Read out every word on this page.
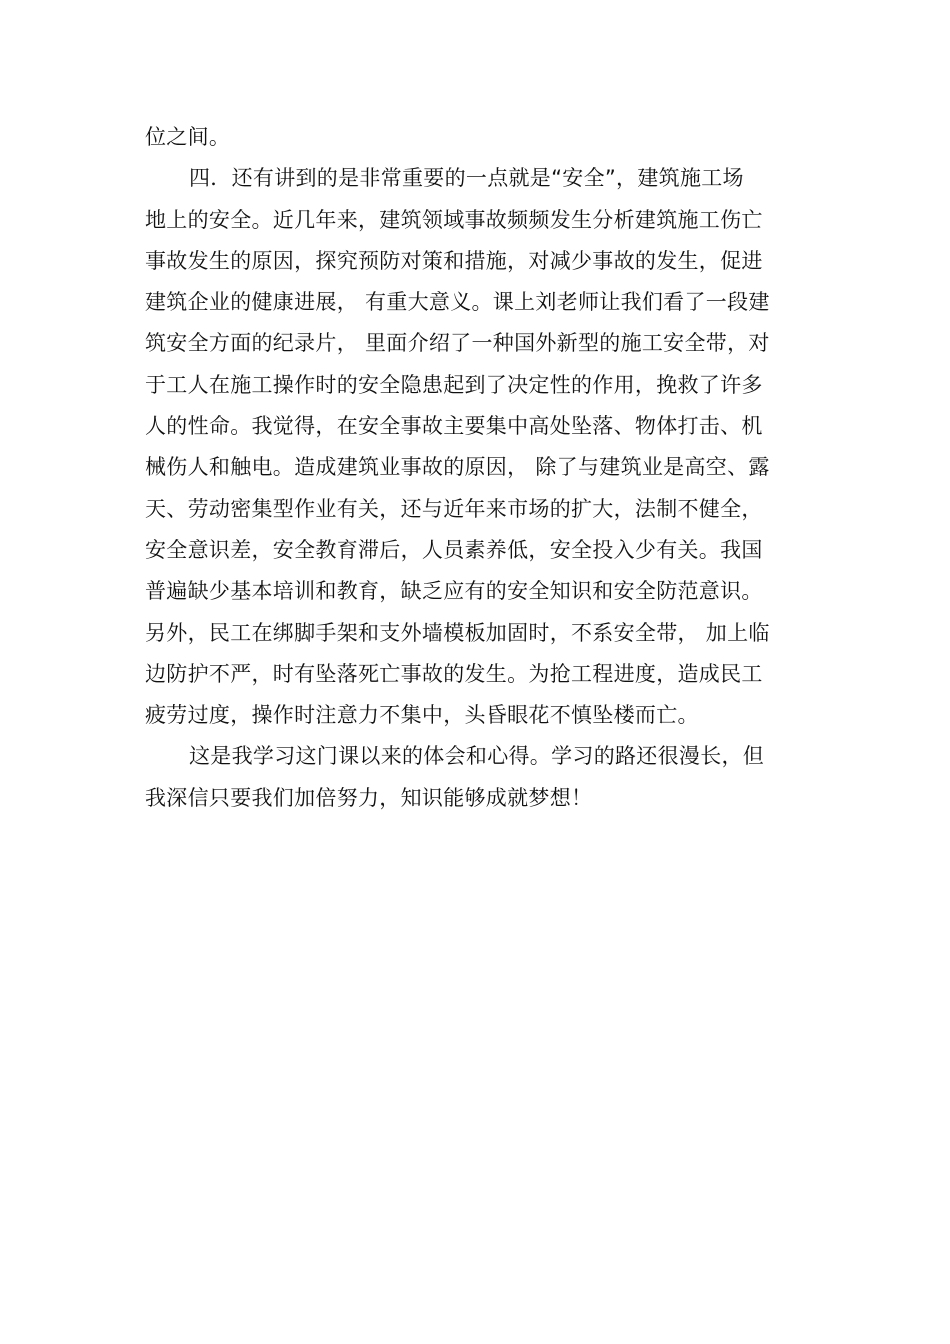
位之间。
四．还有讲到的是非常重要的一点就是“安全”，建筑施工场
地上的安全。近几年来，建筑领域事故频频发生分析建筑施工伤亡
事故发生的原因，探究预防对策和措施，对减少事故的发生，促进
建筑企业的健康进展， 有重大意义。课上刘老师让我们看了一段建
筑安全方面的纪录片， 里面介绍了一种国外新型的施工安全带，对
于工人在施工操作时的安全隐患起到了决定性的作用，挽救了许多
人的性命。我觉得，在安全事故主要集中高处坠落、物体打击、机
械伤人和触电。造成建筑业事故的原因， 除了与建筑业是高空、露
天、劳动密集型作业有关，还与近年来市场的扩大，法制不健全，
安全意识差，安全教育滞后，人员素养低，安全投入少有关。我国
普遍缺少基本培训和教育，缺乏应有的安全知识和安全防范意识。
另外，民工在绑脚手架和支外墙模板加固时，不系安全带， 加上临
边防护不严，时有坠落死亡事故的发生。为抢工程进度，造成民工
疲劳过度，操作时注意力不集中，头昏眼花不慎坠楼而亡。
这是我学习这门课以来的体会和心得。学习的路还很漫长，但
我深信只要我们加倍努力，知识能够成就梦想！
